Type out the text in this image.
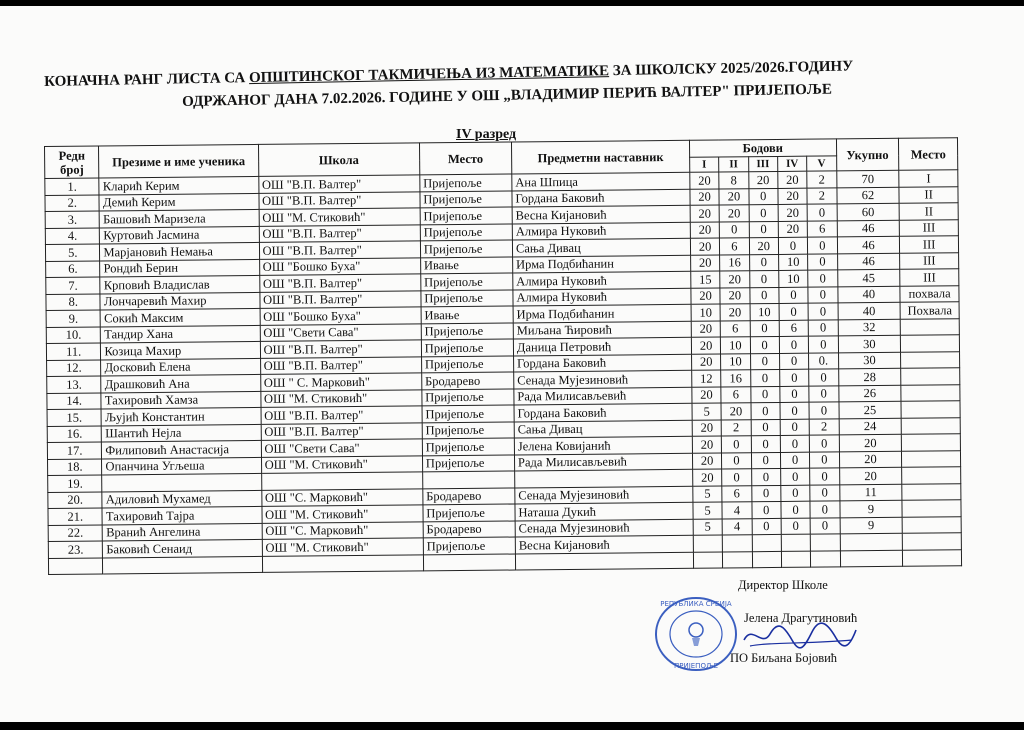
КОНАЧНА РАНГ ЛИСТА СА ОПШТИНСКОГ ТАКМИЧЕЊА ИЗ МАТЕМАТИКЕ ЗА ШКОЛСКУ 2025/2026.ГОДИНУ
ОДРЖАНОГ ДАНА 7.02.2026. ГОДИНЕ У ОШ „ВЛАДИМИР ПЕРИЋ ВАЛТЕР" ПРИЈЕПОЉЕ
IV разред
Редн број	Презиме и име ученика	Школа	Место	Предметни наставник	Бодови					Укупно	Место
					I	II	III	IV	V		
1.	Кларић Керим	ОШ "В.П. Валтер"	Пријепоље	Ана Шпица	20	8	20	20	2	70	I
2.	Демић Керим	ОШ "В.П. Валтер"	Пријепоље	Гордана Баковић	20	20	0	20	2	62	II
3.	Башовић Маризела	ОШ "М. Стиковић"	Пријепоље	Весна Кијановић	20	20	0	20	0	60	II
4.	Куртовић Јасмина	ОШ "В.П. Валтер"	Пријепоље	Алмира Нуковић	20	0	0	20	6	46	III
5.	Марјановић Немања	ОШ "В.П. Валтер"	Пријепоље	Сања Дивац	20	6	20	0	0	46	III
6.	Рондић Берин	ОШ "Бошко Буха"	Ивање	Ирма Подбићанин	20	16	0	10	0	46	III
7.	Крповић Владислав	ОШ "В.П. Валтер"	Пријепоље	Алмира Нуковић	15	20	0	10	0	45	III
8.	Лончаревић Махир	ОШ "В.П. Валтер"	Пријепоље	Алмира Нуковић	20	20	0	0	0	40	похвала
9.	Сокић Максим	ОШ "Бошко Буха"	Ивање	Ирма Подбићанин	10	20	10	0	0	40	Похвала
10.	Тандир Хана	ОШ "Свети Сава"	Пријепоље	Миљана Ћировић	20	6	0	6	0	32	
11.	Козица Махир	ОШ "В.П. Валтер"	Пријепоље	Даница Петровић	20	10	0	0	0	30	
12.	Досковић Елена	ОШ "В.П. Валтер"	Пријепоље	Гордана Баковић	20	10	0	0	0.	30	
13.	Драшковић Ана	ОШ " С. Марковић"	Бродарево	Сенада Мујезиновић	12	16	0	0	0	28	
14.	Тахировић Хамза	ОШ "М. Стиковић"	Пријепоље	Рада Милисављевић	20	6	0	0	0	26	
15.	Љујић Константин	ОШ "В.П. Валтер"	Пријепоље	Гордана Баковић	5	20	0	0	0	25	
16.	Шантић Нејла	ОШ "В.П. Валтер"	Пријепоље	Сања Дивац	20	2	0	0	2	24	
17.	Филиповић Анастасија	ОШ "Свети Сава"	Пријепоље	Јелена Ковијанић	20	0	0	0	0	20	
18.	Опанчина Угљеша	ОШ "М. Стиковић"	Пријепоље	Рада Милисављевић	20	0	0	0	0	20	
19.					20	0	0	0	0	20	
20.	Адиловић Мухамед	ОШ "С. Марковић"	Бродарево	Сенада Мујезиновић	5	6	0	0	0	11	
21.	Тахировић Тајра	ОШ "М. Стиковић"	Пријепоље	Наташа Дукић	5	4	0	0	0	9	
22.	Вранић Ангелина	ОШ "С. Марковић"	Бродарево	Сенада Мујезиновић	5	4	0	0	0	9	
23.	Баковић Сенаид	ОШ "М. Стиковић"	Пријепоље	Весна Кијановић							

Директор Школе
Јелена Драгутиновић
ПО Биљана Бојовић
РЕПУБЛИКА СРБИЈА
ПРИЈЕПОЉЕ
